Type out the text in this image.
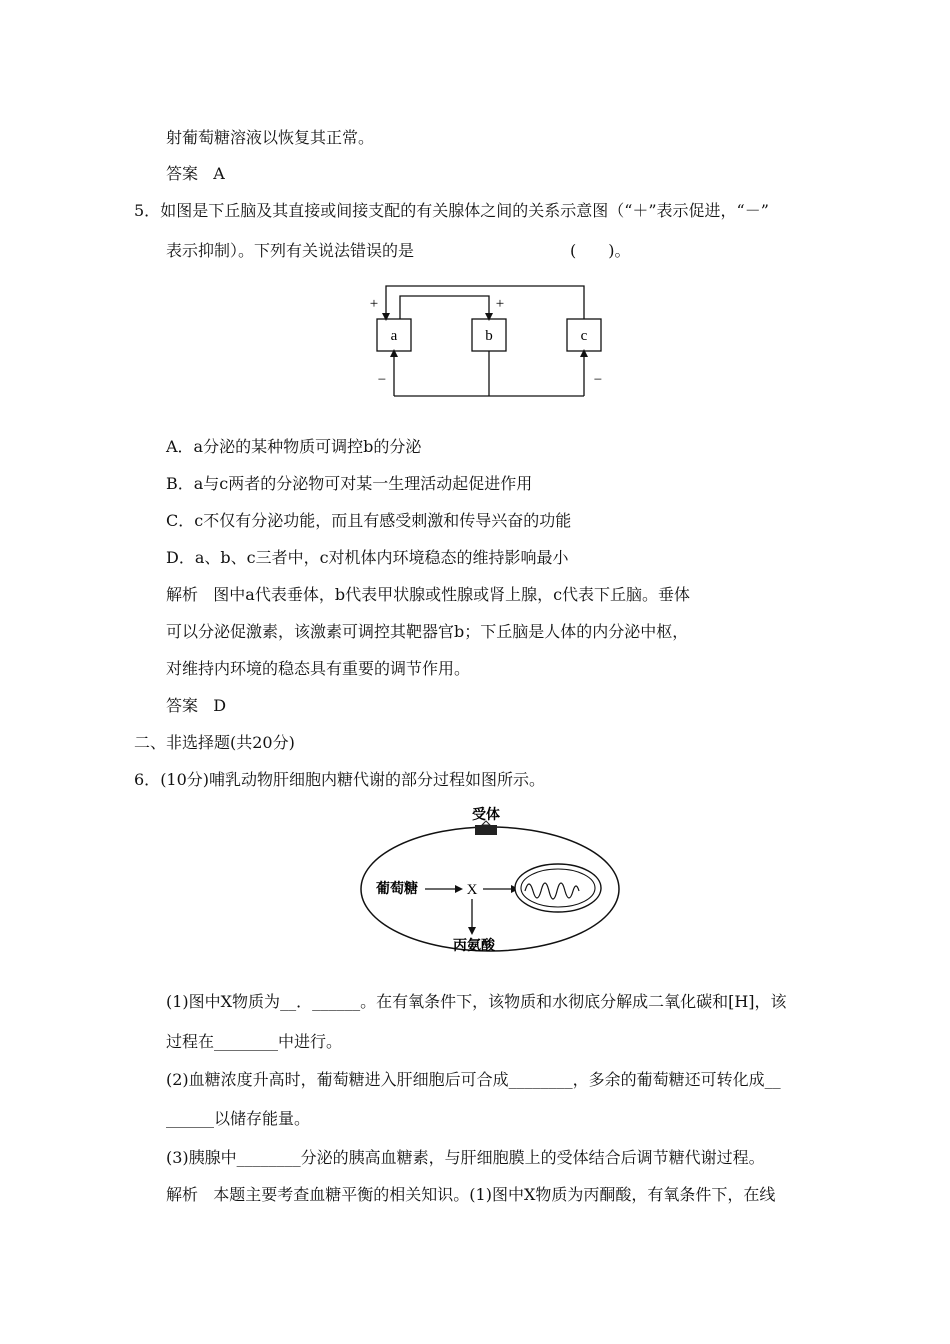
射葡萄糖溶液以恢复其正常。
答案 A
5．如图是下丘脑及其直接或间接支配的有关腺体之间的关系示意图（“＋”表示促进，“－”
表示抑制）。下列有关说法错误的是	(　　)。
a	b	c
+	+
−	−
A．a分泌的某种物质可调控b的分泌
B．a与c两者的分泌物可对某一生理活动起促进作用
C．c不仅有分泌功能，而且有感受刺激和传导兴奋的功能
D．a、b、c三者中，c对机体内环境稳态的维持影响最小
解析 图中a代表垂体，b代表甲状腺或性腺或肾上腺，c代表下丘脑。垂体
可以分泌促激素，该激素可调控其靶器官b；下丘脑是人体的内分泌中枢，
对维持内环境的稳态具有重要的调节作用。
答案 D
二、非选择题(共20分)
6．(10分)哺乳动物肝细胞内糖代谢的部分过程如图所示。
受体
葡萄糖	X
丙氨酸
(1)图中X物质为__．______。在有氧条件下，该物质和水彻底分解成二氧化碳和[H]，该
过程在________中进行。
(2)血糖浓度升高时，葡萄糖进入肝细胞后可合成________，多余的葡萄糖还可转化成__
______以储存能量。
(3)胰腺中________分泌的胰高血糖素，与肝细胞膜上的受体结合后调节糖代谢过程。
解析 本题主要考查血糖平衡的相关知识。(1)图中X物质为丙酮酸，有氧条件下，在线
